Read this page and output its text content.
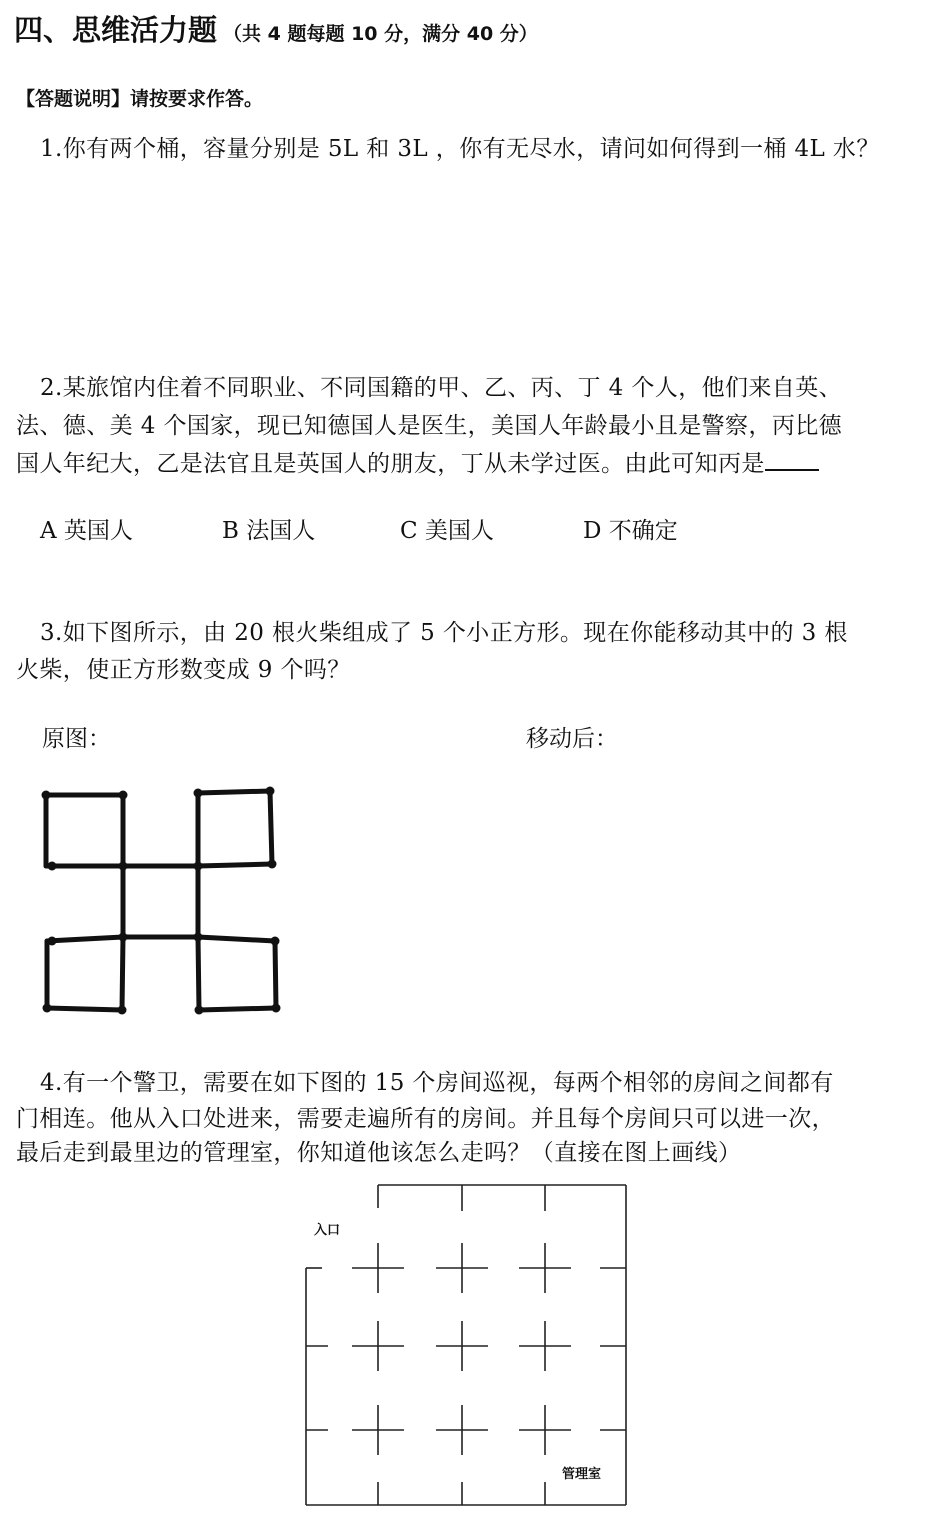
四、思维活力题 （共 4 题每题 10 分，满分 40 分）
【答题说明】请按要求作答。
1.你有两个桶，容量分别是 5L 和 3L ，你有无尽水，请问如何得到一桶 4L 水？
2.某旅馆内住着不同职业、不同国籍的甲、乙、丙、丁 4 个人，他们来自英、
法、德、美 4 个国家，现已知德国人是医生，美国人年龄最小且是警察，丙比德
国人年纪大，乙是法官且是英国人的朋友，丁从未学过医。由此可知丙是
A 英国人	B 法国人	C 美国人	D 不确定
3.如下图所示，由 20 根火柴组成了 5 个小正方形。现在你能移动其中的 3 根
火柴，使正方形数变成 9 个吗？
原图：	移动后：
4.有一个警卫，需要在如下图的 15 个房间巡视，每两个相邻的房间之间都有
门相连。他从入口处进来，需要走遍所有的房间。并且每个房间只可以进一次，
最后走到最里边的管理室，你知道他该怎么走吗？（直接在图上画线）
入口
管理室
